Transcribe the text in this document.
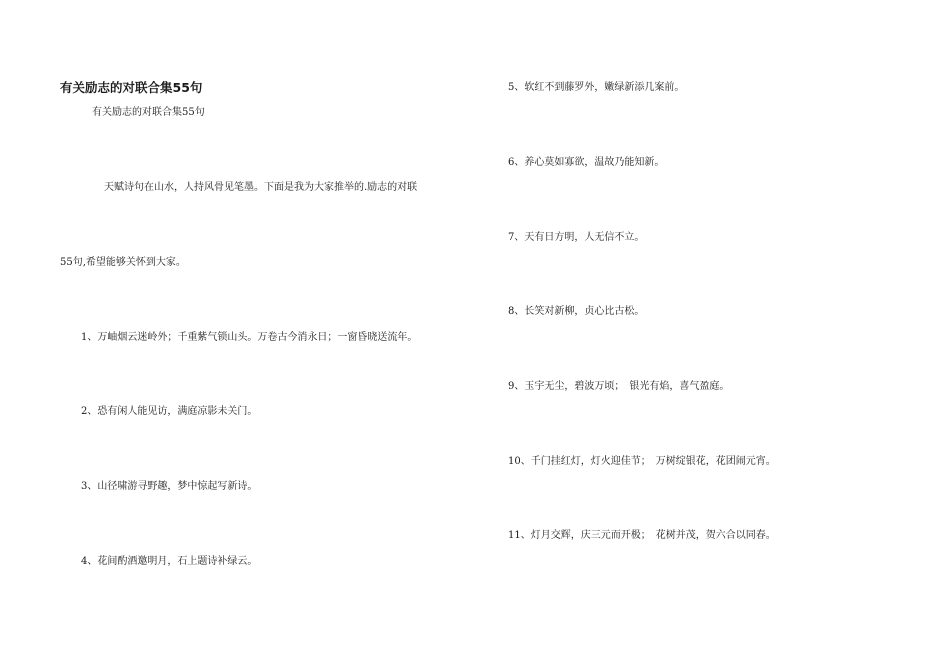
有关励志的对联合集55句
有关励志的对联合集55句
天赋诗句在山水，人持风骨见笔墨。下面是我为大家推举的.励志的对联
55句,希望能够关怀到大家。
1、万岫烟云迷岭外；千重紫气锁山头。万卷古今消永日；一窗昏晓送流年。
2、恐有闲人能见访，满庭凉影未关门。
3、山径啸游寻野趣，梦中惊起写新诗。
4、花间酌酒邀明月，石上题诗补绿云。
5、软红不到藤罗外，嫩绿新添几案前。
6、养心莫如寡欲，温故乃能知新。
7、天有日方明，人无信不立。
8、长笑对新柳，贞心比古松。
9、玉宇无尘，碧波万顷；　银光有焰，喜气盈庭。
10、千门挂红灯，灯火迎佳节；　万树绽银花，花团闹元宵。
11、灯月交辉，庆三元而开极；　花树并茂，贺六合以同春。
